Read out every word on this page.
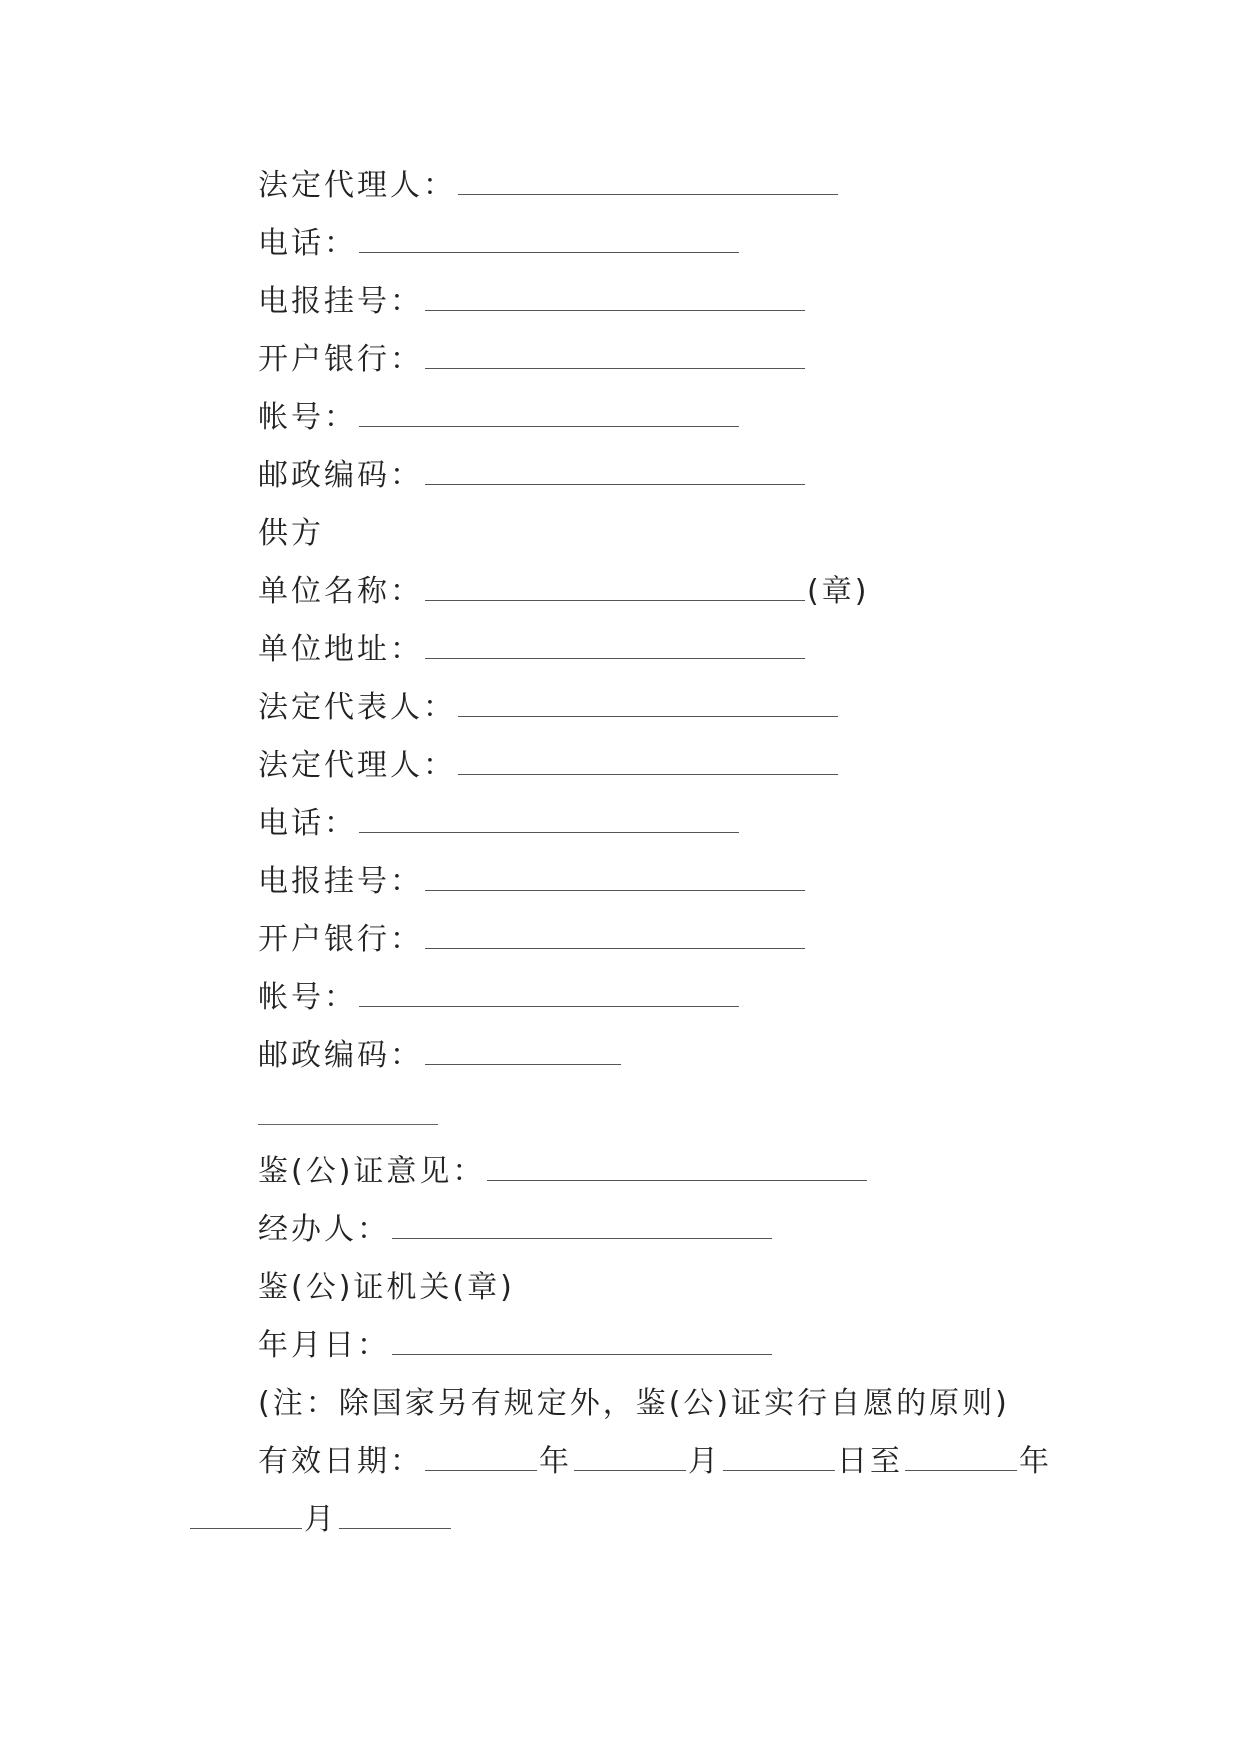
法定代理人：
电话：
电报挂号：
开户银行：
帐号：
邮政编码：
供方
单位名称：	(章)
单位地址：
法定代表人：
法定代理人：
电话：
电报挂号：
开户银行：
帐号：
邮政编码：
鉴(公)证意见：
经办人：
鉴(公)证机关(章)
年月日：
(注：除国家另有规定外，鉴(公)证实行自愿的原则)
有效日期：	年	月	日至	年
月
